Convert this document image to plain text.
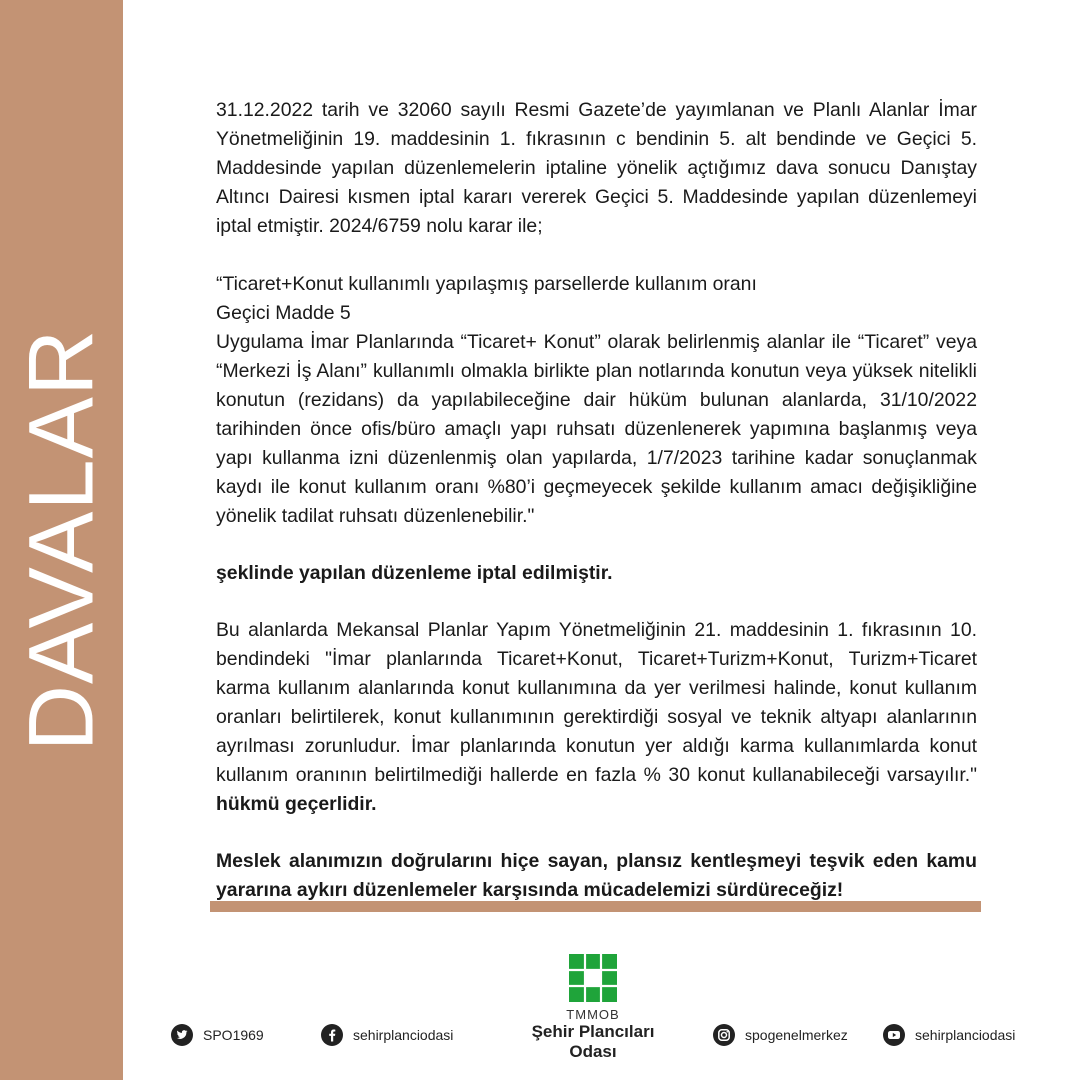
DAVALAR

31.12.2022 tarih ve 32060 sayılı Resmi Gazete’de yayımlanan ve Planlı Alanlar İmar Yönetmeliğinin 19. maddesinin 1. fıkrasının c bendinin 5. alt bendinde ve Geçici 5. Maddesinde yapılan düzenlemelerin iptaline yönelik açtığımız dava sonucu Danıştay Altıncı Dairesi kısmen iptal kararı vererek Geçici 5. Maddesinde yapılan düzenlemeyi iptal etmiştir. 2024/6759 nolu karar ile;

“Ticaret+Konut kullanımlı yapılaşmış parsellerde kullanım oranı

Geçici Madde 5

Uygulama İmar Planlarında “Ticaret+ Konut” olarak belirlenmiş alanlar ile “Ticaret” veya “Merkezi İş Alanı” kullanımlı olmakla birlikte plan notlarında konutun veya yüksek nitelikli konutun (rezidans) da yapılabileceğine dair hüküm bulunan alanlarda, 31/10/2022 tarihinden önce ofis/büro amaçlı yapı ruhsatı düzenlenerek yapımına başlanmış veya yapı kullanma izni düzenlenmiş olan yapılarda, 1/7/2023 tarihine kadar sonuçlanmak kaydı ile konut kullanım oranı %80’i geçmeyecek şekilde kullanım amacı değişikliğine yönelik tadilat ruhsatı düzenlenebilir."

şeklinde yapılan düzenleme iptal edilmiştir.

Bu alanlarda Mekansal Planlar Yapım Yönetmeliğinin 21. maddesinin 1. fıkrasının 10. bendindeki "İmar planlarında Ticaret+Konut, Ticaret+Turizm+Konut, Turizm+Ticaret karma kullanım alanlarında konut kullanımına da yer verilmesi halinde, konut kullanım oranları belirtilerek, konut kullanımının gerektirdiği sosyal ve teknik altyapı alanlarının ayrılması zorunludur. İmar planlarında konutun yer aldığı karma kullanımlarda konut kullanım oranının belirtilmediği hallerde en fazla % 30 konut kullanabileceği varsayılır." hükmü geçerlidir.

Meslek alanımızın doğrularını hiçe sayan, plansız kentleşmeyi teşvik eden kamu yararına aykırı düzenlemeler karşısında mücadelemizi sürdüreceğiz!

TMMOB
Şehir Plancıları Odası
SPO1969	sehirplanciodasi	spogenelmerkez	sehirplanciodasi
